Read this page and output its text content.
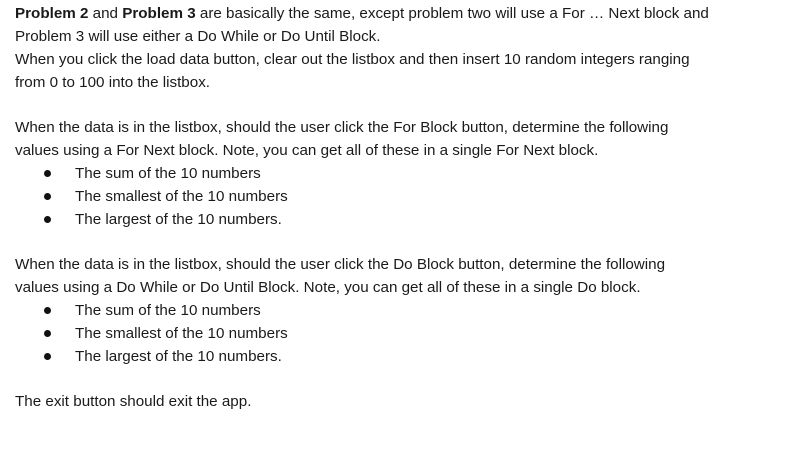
Problem 2 and Problem 3 are basically the same, except problem two will use a For … Next block and
Problem 3 will use either a Do While or Do Until Block.
When you click the load data button, clear out the listbox and then insert 10 random integers ranging
from 0 to 100 into the listbox.
When the data is in the listbox, should the user click the For Block button, determine the following
values using a For Next block. Note, you can get all of these in a single For Next block.
The sum of the 10 numbers
The smallest of the 10 numbers
The largest of the 10 numbers.
When the data is in the listbox, should the user click the Do Block button, determine the following
values using a Do While or Do Until Block. Note, you can get all of these in a single Do block.
The sum of the 10 numbers
The smallest of the 10 numbers
The largest of the 10 numbers.
The exit button should exit the app.
